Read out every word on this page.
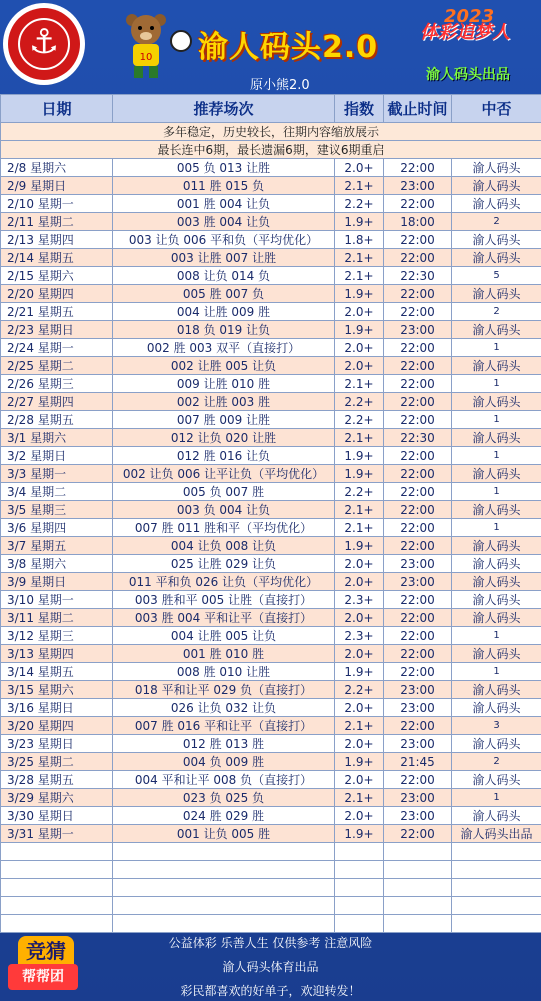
⚓	10 渝人码头2.0
原小熊2.0
2023
体彩追梦人
渝人码头出品
日期	推荐场次	指数	截止时间	中否
多年稳定，历史较长，往期内容缩放展示				
最长连中6期，最长遗漏6期，建议6期重启				
2/8 星期六	005 负 013 让胜	2.0+	22:00	渝人码头
2/9 星期日	011 胜 015 负	2.1+	23:00	渝人码头
2/10 星期一	001 胜 004 让负	2.2+	22:00	渝人码头
2/11 星期二	003 胜 004 让负	1.9+	18:00	2
2/13 星期四	003 让负 006 平和负（平均优化）	1.8+	22:00	渝人码头
2/14 星期五	003 让胜 007 让胜	2.1+	22:00	渝人码头
2/15 星期六	008 让负 014 负	2.1+	22:30	5
2/20 星期四	005 胜 007 负	1.9+	22:00	渝人码头
2/21 星期五	004 让胜 009 胜	2.0+	22:00	2
2/23 星期日	018 负 019 让负	1.9+	23:00	渝人码头
2/24 星期一	002 胜 003 双平（直接打）	2.0+	22:00	1
2/25 星期二	002 让胜 005 让负	2.0+	22:00	渝人码头
2/26 星期三	009 让胜 010 胜	2.1+	22:00	1
2/27 星期四	002 让胜 003 胜	2.2+	22:00	渝人码头
2/28 星期五	007 胜 009 让胜	2.2+	22:00	1
3/1 星期六	012 让负 020 让胜	2.1+	22:30	渝人码头
3/2 星期日	012 胜 016 让负	1.9+	22:00	1
3/3 星期一	002 让负 006 让平让负（平均优化）	1.9+	22:00	渝人码头
3/4 星期二	005 负 007 胜	2.2+	22:00	1
3/5 星期三	003 负 004 让负	2.1+	22:00	渝人码头
3/6 星期四	007 胜 011 胜和平（平均优化）	2.1+	22:00	1
3/7 星期五	004 让负 008 让负	1.9+	22:00	渝人码头
3/8 星期六	025 让胜 029 让负	2.0+	23:00	渝人码头
3/9 星期日	011 平和负 026 让负（平均优化）	2.0+	23:00	渝人码头
3/10 星期一	003 胜和平 005 让胜（直接打）	2.3+	22:00	渝人码头
3/11 星期二	003 胜 004 平和让平（直接打）	2.0+	22:00	渝人码头
3/12 星期三	004 让胜 005 让负	2.3+	22:00	1
3/13 星期四	001 胜 010 胜	2.0+	22:00	渝人码头
3/14 星期五	008 胜 010 让胜	1.9+	22:00	1
3/15 星期六	018 平和让平 029 负（直接打）	2.2+	23:00	渝人码头
3/16 星期日	026 让负 032 让负	2.0+	23:00	渝人码头
3/20 星期四	007 胜 016 平和让平（直接打）	2.1+	22:00	3
3/23 星期日	012 胜 013 胜	2.0+	23:00	渝人码头
3/25 星期二	004 负 009 胜	1.9+	21:45	2
3/28 星期五	004 平和让平 008 负（直接打）	2.0+	22:00	渝人码头
3/29 星期六	023 负 025 负	2.1+	23:00	1
3/30 星期日	024 胜 029 胜	2.0+	23:00	渝人码头
3/31 星期一	001 让负 005 胜	1.9+	22:00	渝人码头出品

竞猜
帮帮团
公益体彩 乐善人生 仅供参考 注意风险
渝人码头体育出品
彩民都喜欢的好单子，欢迎转发！
